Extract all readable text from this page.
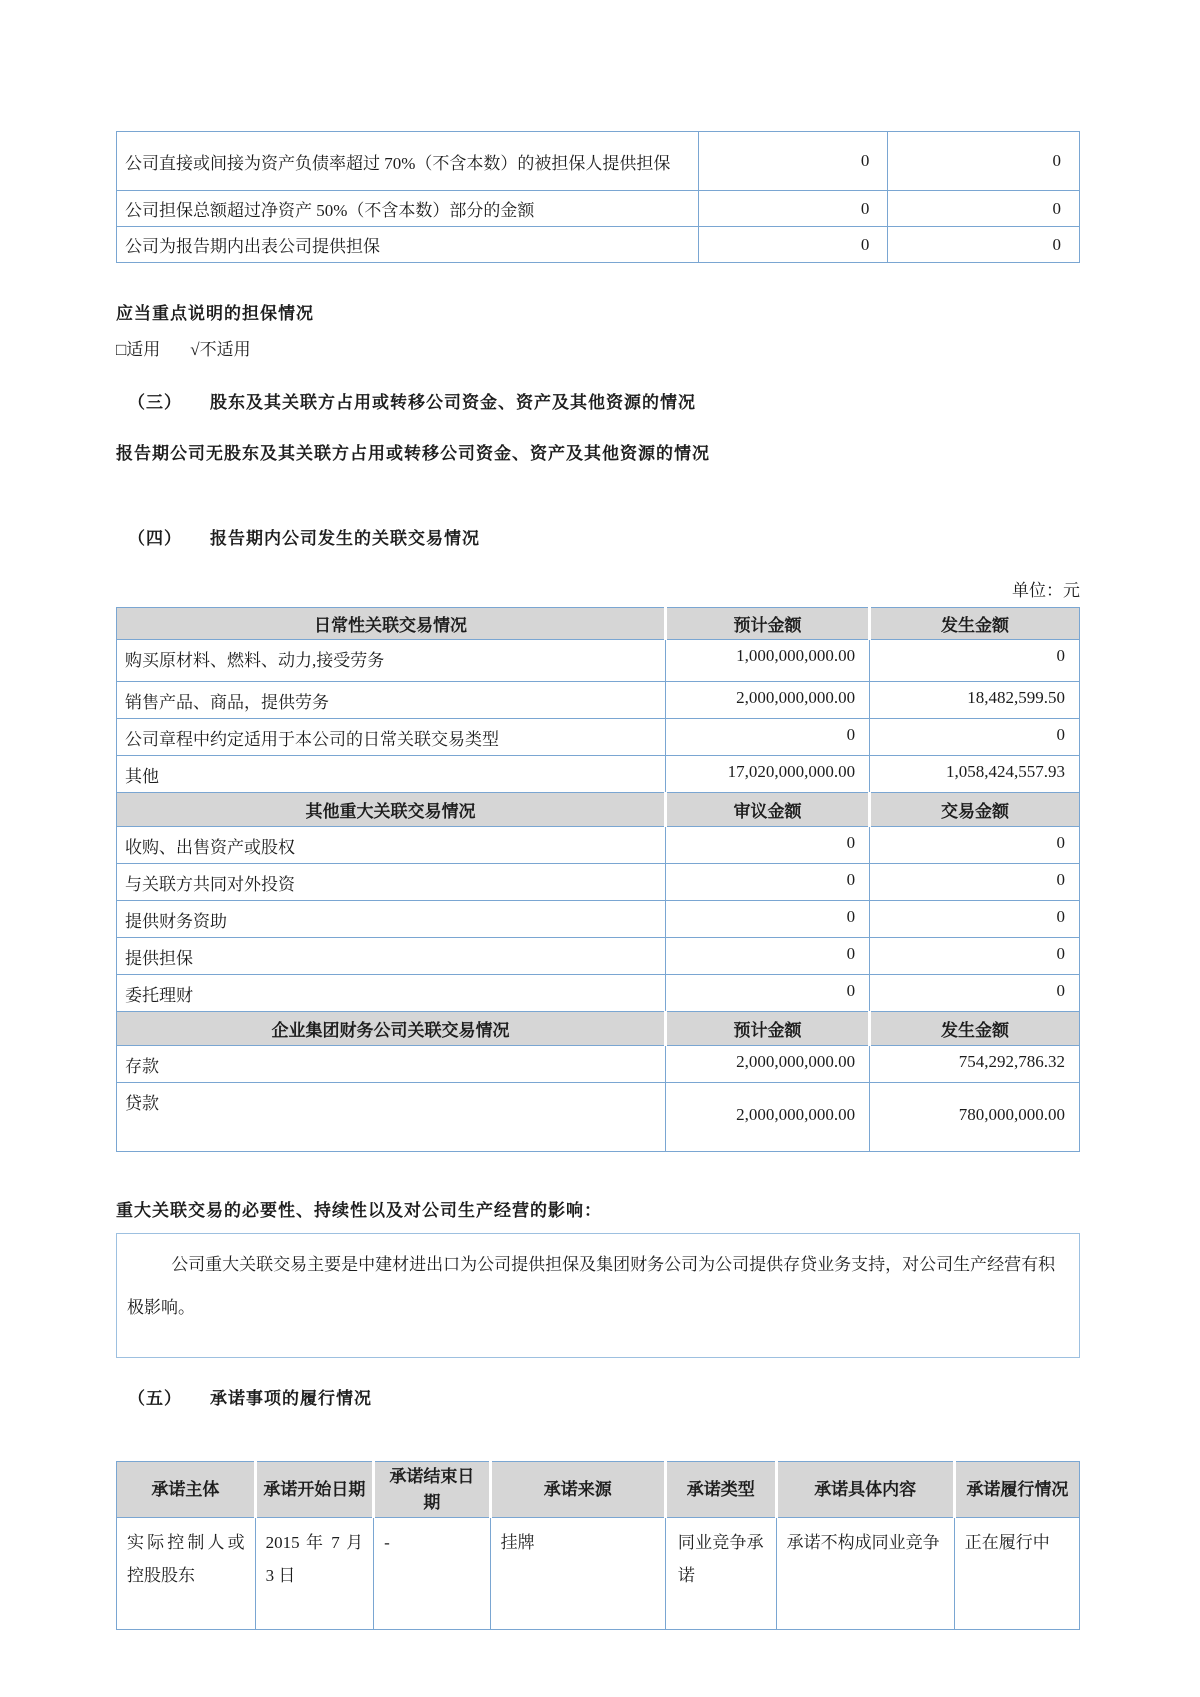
公司直接或间接为资产负债率超过 70%（不含本数）的被担保人提供担保	0	0
公司担保总额超过净资产 50%（不含本数）部分的金额	0	0
公司为报告期内出表公司提供担保	0	0
应当重点说明的担保情况
□适用 √不适用
（三） 股东及其关联方占用或转移公司资金、资产及其他资源的情况
报告期公司无股东及其关联方占用或转移公司资金、资产及其他资源的情况
（四） 报告期内公司发生的关联交易情况
单位：元
日常性关联交易情况	预计金额	发生金额
购买原材料、燃料、动力,接受劳务	1,000,000,000.00	0
销售产品、商品，提供劳务	2,000,000,000.00	18,482,599.50
公司章程中约定适用于本公司的日常关联交易类型	0	0
其他	17,020,000,000.00	1,058,424,557.93
其他重大关联交易情况	审议金额	交易金额
收购、出售资产或股权	0	0
与关联方共同对外投资	0	0
提供财务资助	0	0
提供担保	0	0
委托理财	0	0
企业集团财务公司关联交易情况	预计金额	发生金额
存款	2,000,000,000.00	754,292,786.32
贷款	2,000,000,000.00	780,000,000.00
重大关联交易的必要性、持续性以及对公司生产经营的影响：

公司重大关联交易主要是中建材进出口为公司提供担保及集团财务公司为公司提供存贷业务支持，对公司生产经营有积极影响。

（五） 承诺事项的履行情况
承诺主体	承诺开始日期	承诺结束日期	承诺来源	承诺类型	承诺具体内容	承诺履行情况
实际控制人或控股股东	2015 年 7 月 3 日	-	挂牌	同业竞争承诺	承诺不构成同业竞争	正在履行中
